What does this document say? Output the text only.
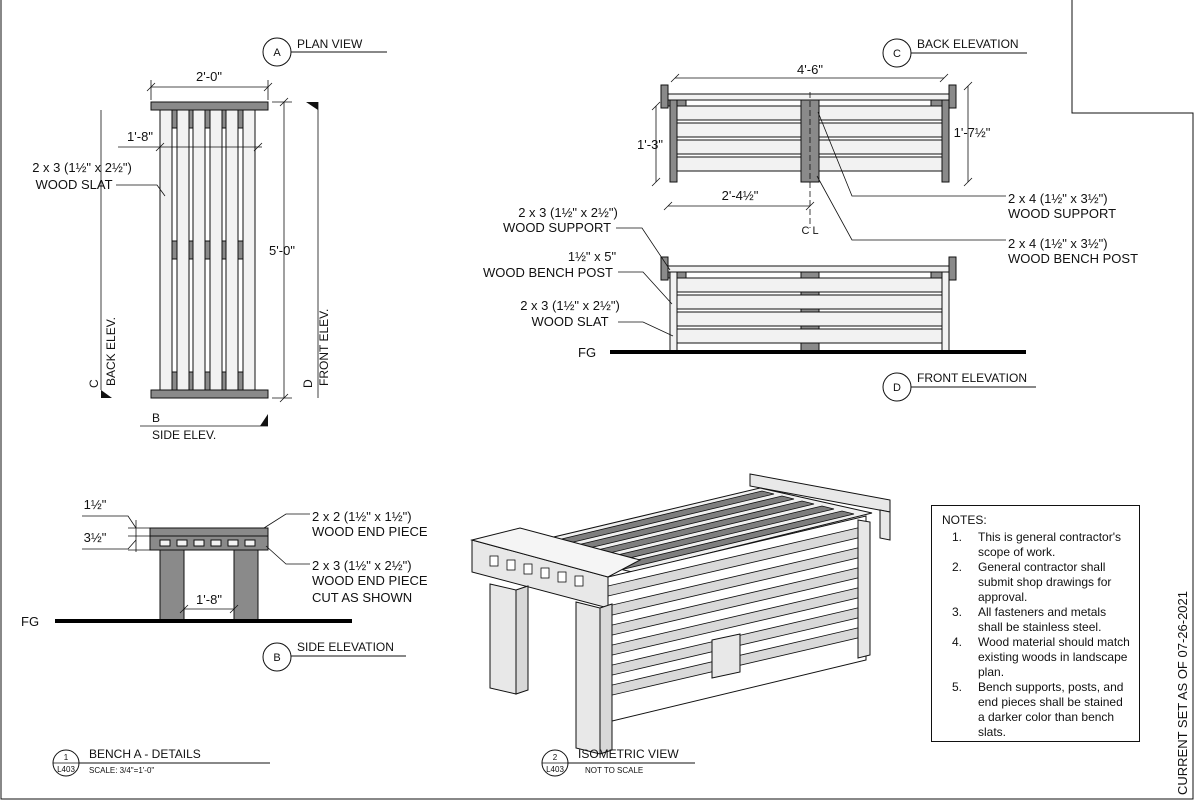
A
PLAN VIEW
2'-0"
1'-8"
5'-0"
2 x 3 (1½" x 2½")
WOOD SLAT
C BACK ELEV.	D FRONT ELEV.
B
SIDE ELEV.
C
BACK ELEVATION
4'-6"
1'-3"
1'-7½"
2'-4½"
C L
2 x 4 (1½" x 3½")
WOOD SUPPORT
2 x 4 (1½" x 3½")
WOOD BENCH POST
FG
D
FRONT ELEVATION
2 x 3 (1½" x 2½")
WOOD SUPPORT
1½" x 5"
WOOD BENCH POST
2 x 3 (1½" x 2½")
WOOD SLAT
FG
1'-8"
1½"
3½"
2 x 2 (1½" x 1½")
WOOD END PIECE
2 x 3 (1½" x 2½")
WOOD END PIECE
CUT AS SHOWN
B
SIDE ELEVATION
1
L403
BENCH A - DETAILS
SCALE: 3/4"=1'-0"
2
L403
ISOMETRIC VIEW
NOT TO SCALE	CURRENT SET AS OF 07-26-2021
NOTES:
1.	This is general contractor's scope of work.
2.	General contractor shall submit shop drawings for approval.
3.	All fasteners and metals shall be stainless steel.
4.	Wood material should match existing woods in landscape plan.
5.	Bench supports, posts, and end pieces shall be stained a darker color than bench slats.
